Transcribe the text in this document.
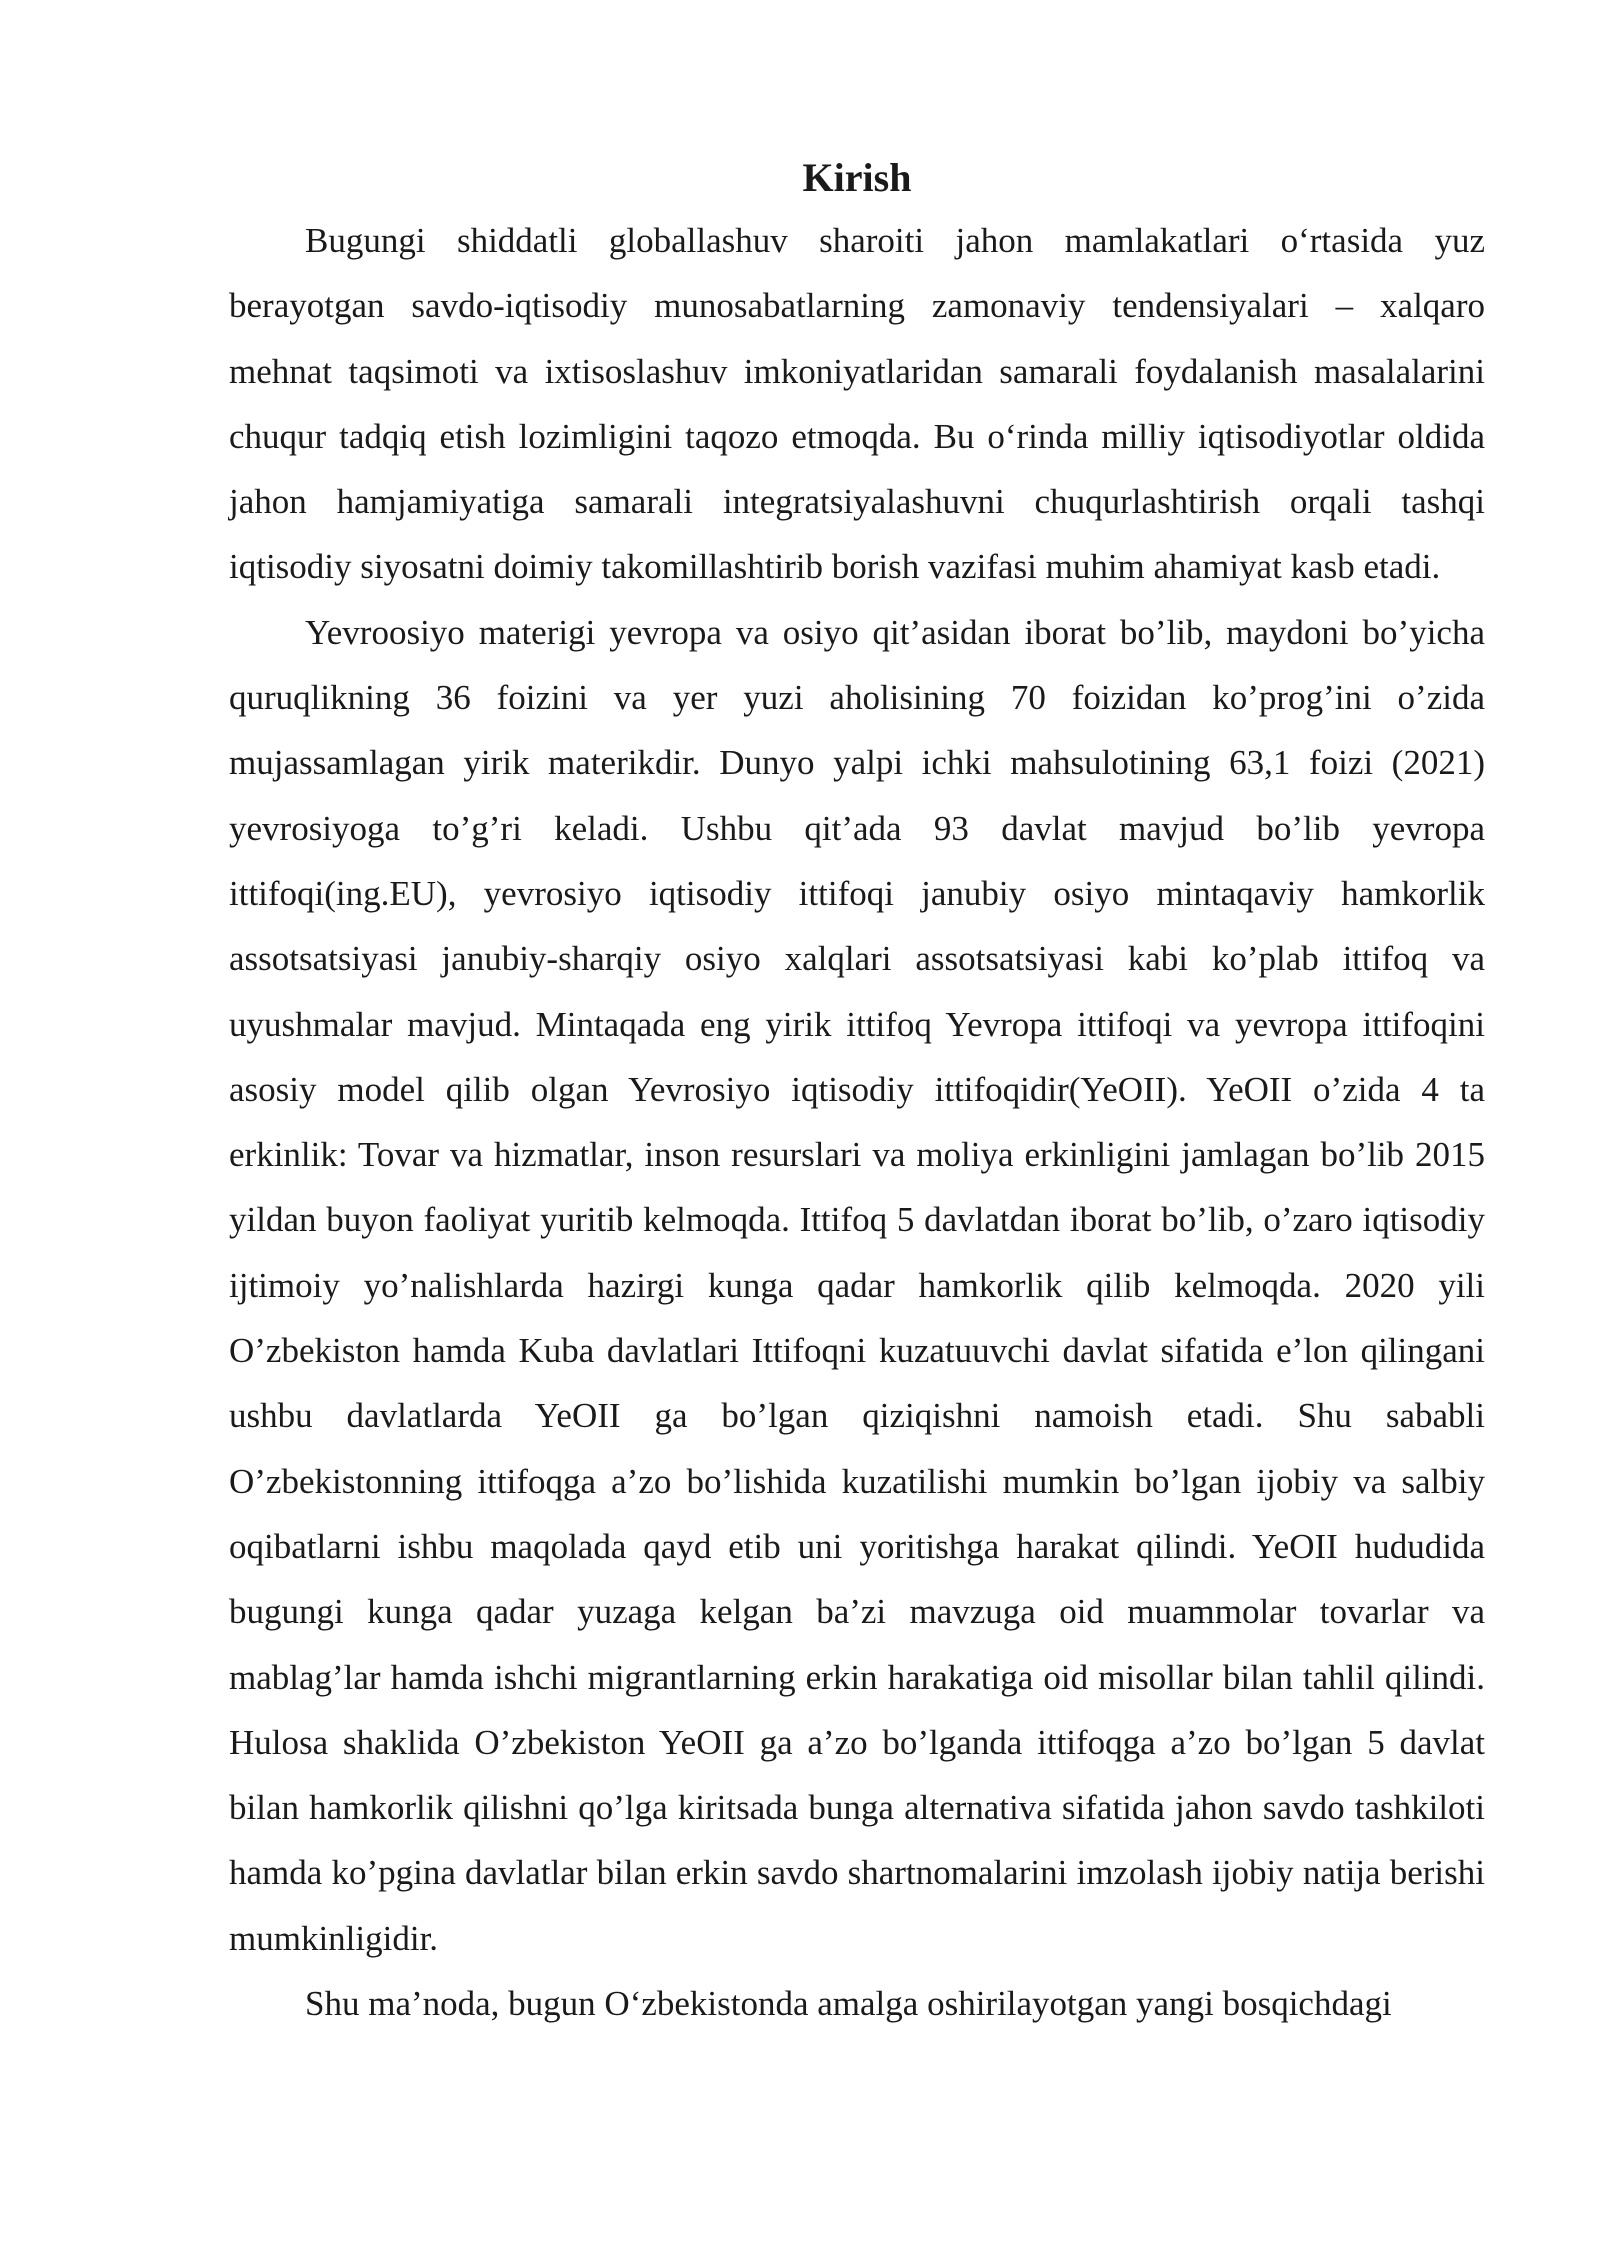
Kirish

Bugungi shiddatli globallashuv sharoiti jahon mamlakatlari o‘rtasida yuz berayotgan savdo-iqtisodiy munosabatlarning zamonaviy tendensiyalari – xalqaro mehnat taqsimoti va ixtisoslashuv imkoniyatlaridan samarali foydalanish masalalarini chuqur tadqiq etish lozimligini taqozo etmoqda. Bu o‘rinda milliy iqtisodiyotlar oldida jahon hamjamiyatiga samarali integratsiyalashuvni chuqurlashtirish orqali tashqi iqtisodiy siyosatni doimiy takomillashtirib borish vazifasi muhim ahamiyat kasb etadi.

Yevroosiyo materigi yevropa va osiyo qit’asidan iborat bo’lib, maydoni bo’yicha quruqlikning 36 foizini va yer yuzi aholisining 70 foizidan ko’prog’ini o’zida mujassamlagan yirik materikdir. Dunyo yalpi ichki mahsulotining 63,1 foizi (2021) yevrosiyoga to’g’ri keladi. Ushbu qit’ada 93 davlat mavjud bo’lib yevropa ittifoqi(ing.EU), yevrosiyo iqtisodiy ittifoqi janubiy osiyo mintaqaviy hamkorlik assotsatsiyasi janubiy-sharqiy osiyo xalqlari assotsatsiyasi kabi ko’plab ittifoq va uyushmalar mavjud. Mintaqada eng yirik ittifoq Yevropa ittifoqi va yevropa ittifoqini asosiy model qilib olgan Yevrosiyo iqtisodiy ittifoqidir(YeOII). YeOII o’zida 4 ta erkinlik: Tovar va hizmatlar, inson resurslari va moliya erkinligini jamlagan bo’lib 2015 yildan buyon faoliyat yuritib kelmoqda. Ittifoq 5 davlatdan iborat bo’lib, o’zaro iqtisodiy ijtimoiy yo’nalishlarda hazirgi kunga qadar hamkorlik qilib kelmoqda. 2020 yili O’zbekiston hamda Kuba davlatlari Ittifoqni kuzatuuvchi davlat sifatida e’lon qilingani ushbu davlatlarda YeOII ga bo’lgan qiziqishni namoish etadi. Shu sababli O’zbekistonning ittifoqga a’zo bo’lishida kuzatilishi mumkin bo’lgan ijobiy va salbiy oqibatlarni ishbu maqolada qayd etib uni yoritishga harakat qilindi. YeOII hududida bugungi kunga qadar yuzaga kelgan ba’zi mavzuga oid muammolar tovarlar va mablag’lar hamda ishchi migrantlarning erkin harakatiga oid misollar bilan tahlil qilindi. Hulosa shaklida O’zbekiston YeOII ga a’zo bo’lganda ittifoqga a’zo bo’lgan 5 davlat bilan hamkorlik qilishni qo’lga kiritsada bunga alternativa sifatida jahon savdo tashkiloti hamda ko’pgina davlatlar bilan erkin savdo shartnomalarini imzolash ijobiy natija berishi mumkinligidir.

Shu ma’noda, bugun O‘zbekistonda amalga oshirilayotgan yangi bosqichdagi
